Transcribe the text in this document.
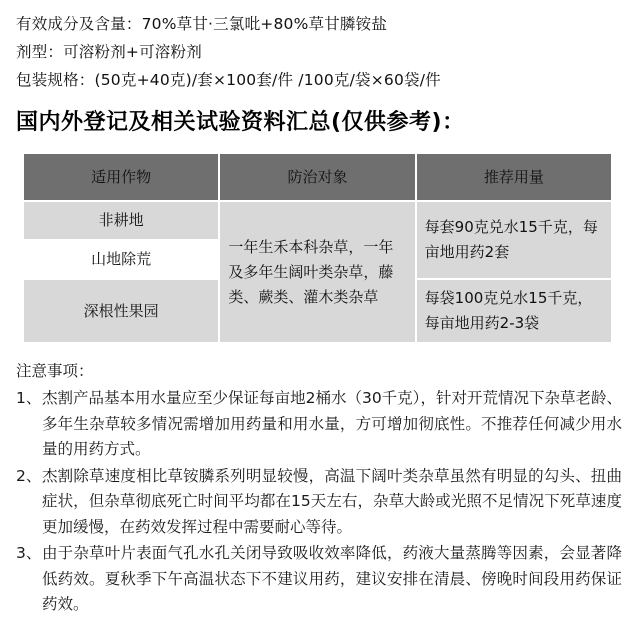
有效成分及含量：70%草甘·三氯吡+80%草甘膦铵盐
剂型：可溶粉剂+可溶粉剂
包装规格：(50克+40克)/套×100套/件 /100克/袋×60袋/件
国内外登记及相关试验资料汇总(仅供参考)：
适用作物	防治对象	推荐用量
非耕地	一年生禾本科杂草，一年及多年生阔叶类杂草，藤类、蕨类、灌木类杂草	每套90克兑水15千克，每亩地用药2套
山地除荒		
深根性果园		每袋100克兑水15千克，每亩地用药2-3袋
注意事项：
1、 杰割产品基本用水量应至少保证每亩地2桶水（30千克），针对开荒情况下杂草老龄、多年生杂草较多情况需增加用药量和用水量，方可增加彻底性。不推荐任何减少用水量的用药方式。
2、 杰割除草速度相比草铵膦系列明显较慢，高温下阔叶类杂草虽然有明显的勾头、扭曲症状，但杂草彻底死亡时间平均都在15天左右，杂草大龄或光照不足情况下死草速度更加缓慢，在药效发挥过程中需要耐心等待。
3、 由于杂草叶片表面气孔水孔关闭导致吸收效率降低，药液大量蒸腾等因素，会显著降低药效。夏秋季下午高温状态下不建议用药，建议安排在清晨、傍晚时间段用药保证药效。
